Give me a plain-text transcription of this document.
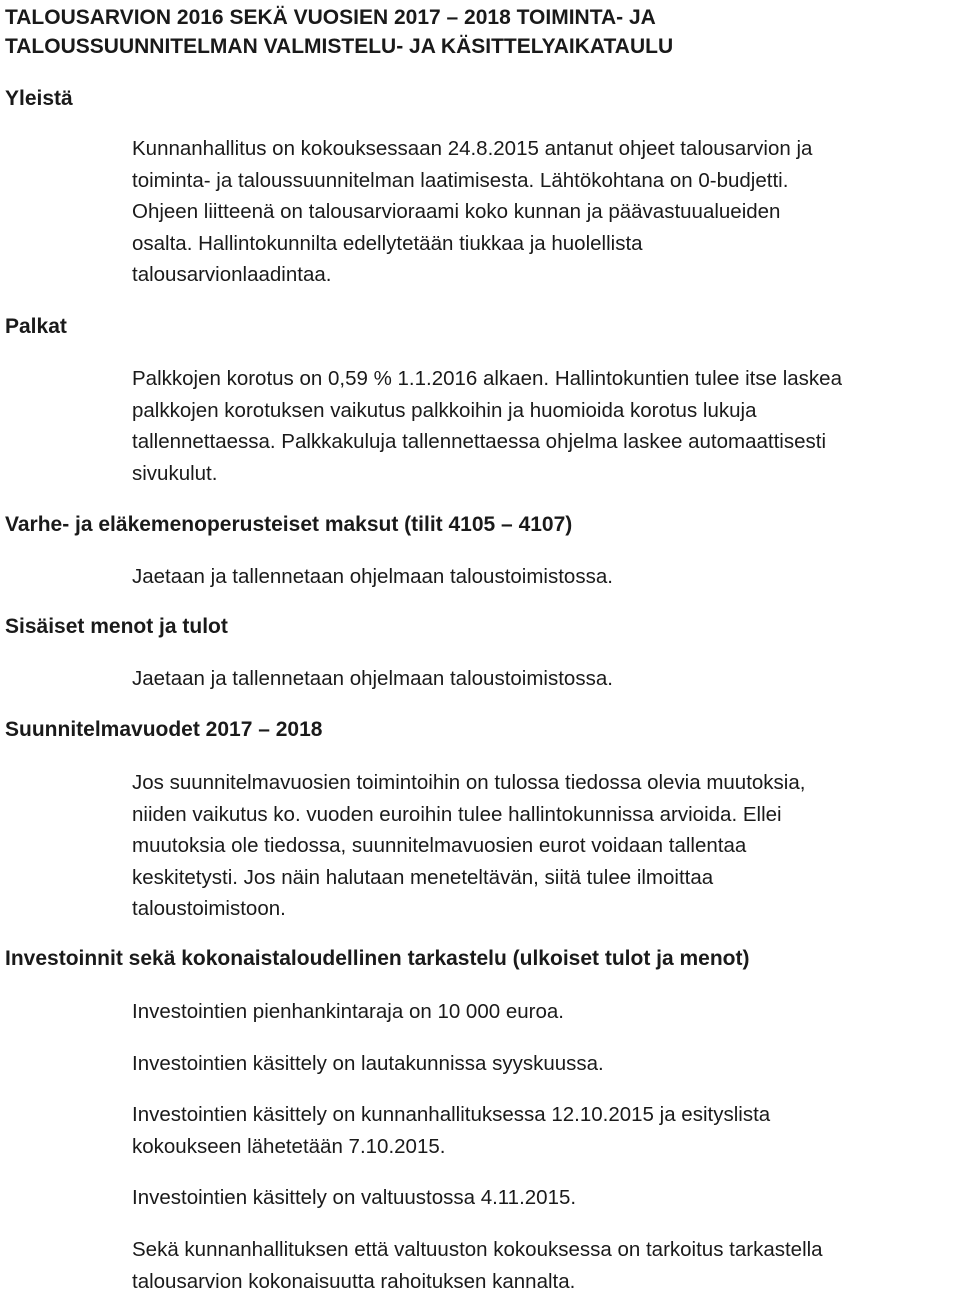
TALOUSARVION 2016 SEKÄ VUOSIEN 2017 – 2018 TOIMINTA- JA
TALOUSSUUNNITELMAN VALMISTELU- JA KÄSITTELYAIKATAULU
Yleistä
Kunnanhallitus on kokouksessaan 24.8.2015 antanut ohjeet talousarvion ja
toiminta- ja taloussuunnitelman laatimisesta. Lähtökohtana on 0-budjetti.
Ohjeen liitteenä on talousarvioraami koko kunnan ja päävastuualueiden
osalta. Hallintokunnilta edellytetään tiukkaa ja huolellista
talousarvionlaadintaa.
Palkat
Palkkojen korotus on 0,59 % 1.1.2016 alkaen. Hallintokuntien tulee itse laskea
palkkojen korotuksen vaikutus palkkoihin ja huomioida korotus lukuja
tallennettaessa. Palkkakuluja tallennettaessa ohjelma laskee automaattisesti
sivukulut.
Varhe- ja eläkemenoperusteiset maksut (tilit 4105 – 4107)

Jaetaan ja tallennetaan ohjelmaan taloustoimistossa.

Sisäiset menot ja tulot

Jaetaan ja tallennetaan ohjelmaan taloustoimistossa.

Suunnitelmavuodet 2017 – 2018
Jos suunnitelmavuosien toimintoihin on tulossa tiedossa olevia muutoksia,
niiden vaikutus ko. vuoden euroihin tulee hallintokunnissa arvioida. Ellei
muutoksia ole tiedossa, suunnitelmavuosien eurot voidaan tallentaa
keskitetysti. Jos näin halutaan meneteltävän, siitä tulee ilmoittaa
taloustoimistoon.
Investoinnit sekä kokonaistaloudellinen tarkastelu (ulkoiset tulot ja menot)

Investointien pienhankintaraja on 10 000 euroa.

Investointien käsittely on lautakunnissa syyskuussa.

Investointien käsittely on kunnanhallituksessa 12.10.2015 ja esityslista
kokoukseen lähetetään 7.10.2015.

Investointien käsittely on valtuustossa 4.11.2015.

Sekä kunnanhallituksen että valtuuston kokouksessa on tarkoitus tarkastella
talousarvion kokonaisuutta rahoituksen kannalta.
